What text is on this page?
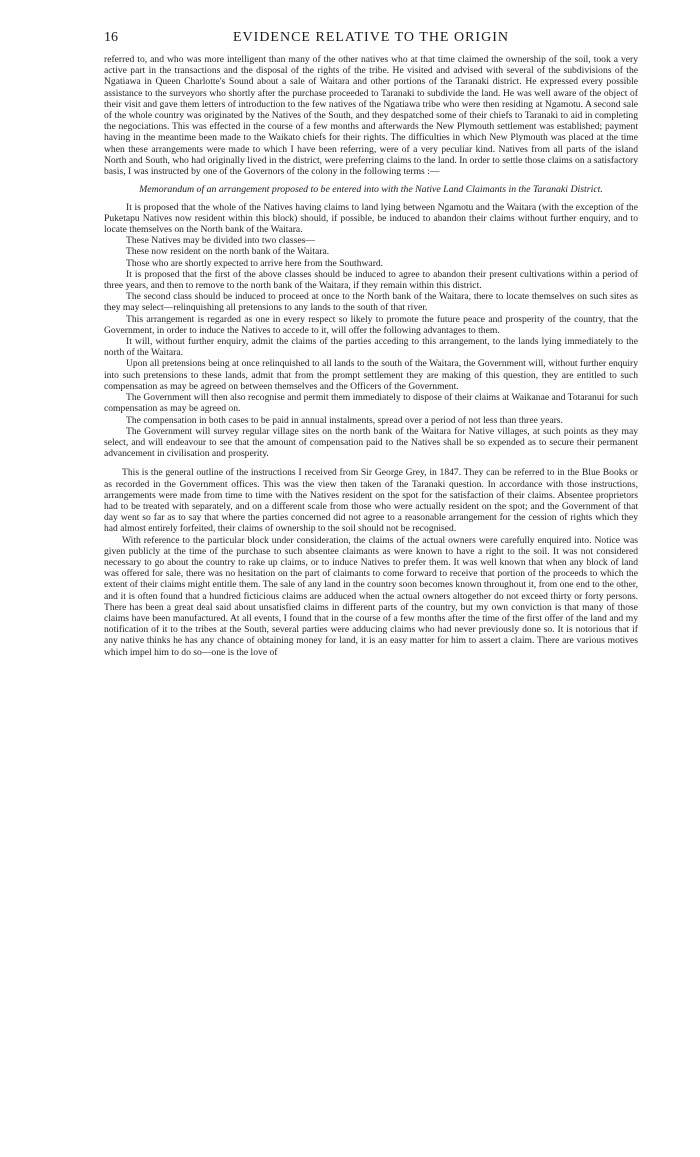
16	EVIDENCE RELATIVE TO THE ORIGIN

referred to, and who was more intelligent than many of the other natives who at that time claimed the ownership of the soil, took a very active part in the transactions and the disposal of the rights of the tribe. He visited and advised with several of the subdivisions of the Ngatiawa in Queen Charlotte's Sound about a sale of Waitara and other portions of the Taranaki district. He expressed every possible assistance to the surveyors who shortly after the purchase proceeded to Taranaki to subdivide the land. He was well aware of the object of their visit and gave them letters of introduction to the few natives of the Ngatiawa tribe who were then residing at Ngamotu. A second sale of the whole country was originated by the Natives of the South, and they despatched some of their chiefs to Taranaki to aid in completing the negociations. This was effected in the course of a few months and afterwards the New Plymouth settlement was established; payment having in the meantime been made to the Waikato chiefs for their rights. The difficulties in which New Plymouth was placed at the time when these arrangements were made to which I have been referring, were of a very peculiar kind. Natives from all parts of the island North and South, who had originally lived in the district, were preferring claims to the land. In order to settle those claims on a satisfactory basis, I was instructed by one of the Governors of the colony in the following terms :—

Memorandum of an arrangement proposed to be entered into with the Native Land Claimants in the Taranaki District.

It is proposed that the whole of the Natives having claims to land lying between Ngamotu and the Waitara (with the exception of the Puketapu Natives now resident within this block) should, if possible, be induced to abandon their claims without further enquiry, and to locate themselves on the North bank of the Waitara.

These Natives may be divided into two classes—

These now resident on the north bank of the Waitara.

Those who are shortly expected to arrive here from the Southward.

It is proposed that the first of the above classes should be induced to agree to abandon their present cultivations within a period of three years, and then to remove to the north bank of the Waitara, if they remain within this district.

The second class should be induced to proceed at once to the North bank of the Waitara, there to locate themselves on such sites as they may select—relinquishing all pretensions to any lands to the south of that river.

This arrangement is regarded as one in every respect so likely to promote the future peace and prosperity of the country, that the Government, in order to induce the Natives to accede to it, will offer the following advantages to them.

It will, without further enquiry, admit the claims of the parties acceding to this arrangement, to the lands lying immediately to the north of the Waitara.

Upon all pretensions being at once relinquished to all lands to the south of the Waitara, the Government will, without further enquiry into such pretensions to these lands, admit that from the prompt settlement they are making of this question, they are entitled to such compensation as may be agreed on between themselves and the Officers of the Government.

The Government will then also recognise and permit them immediately to dispose of their claims at Waikanae and Totaranui for such compensation as may be agreed on.

The compensation in both cases to be paid in annual instalments, spread over a period of not less than three years.

The Government will survey regular village sites on the north bank of the Waitara for Native villages, at such points as they may select, and will endeavour to see that the amount of compensation paid to the Natives shall be so expended as to secure their permanent advancement in civilisation and prosperity.

This is the general outline of the instructions I received from Sir George Grey, in 1847. They can be referred to in the Blue Books or as recorded in the Government offices. This was the view then taken of the Taranaki question. In accordance with those instructions, arrangements were made from time to time with the Natives resident on the spot for the satisfaction of their claims. Absentee proprietors had to be treated with separately, and on a different scale from those who were actually resident on the spot; and the Government of that day went so far as to say that where the parties concerned did not agree to a reasonable arrangement for the cession of rights which they had almost entirely forfeited, their claims of ownership to the soil should not be recognised.

With reference to the particular block under consideration, the claims of the actual owners were carefully enquired into. Notice was given publicly at the time of the purchase to such absentee claimants as were known to have a right to the soil. It was not considered necessary to go about the country to rake up claims, or to induce Natives to prefer them. It was well known that when any block of land was offered for sale, there was no hesitation on the part of claimants to come forward to receive that portion of the proceeds to which the extent of their claims might entitle them. The sale of any land in the country soon becomes known throughout it, from one end to the other, and it is often found that a hundred ficticious claims are adduced when the actual owners altogether do not exceed thirty or forty persons. There has been a great deal said about unsatisfied claims in different parts of the country, but my own conviction is that many of those claims have been manufactured. At all events, I found that in the course of a few months after the time of the first offer of the land and my notification of it to the tribes at the South, several parties were adducing claims who had never previously done so. It is notorious that if any native thinks he has any chance of obtaining money for land, it is an easy matter for him to assert a claim. There are various motives which impel him to do so—one is the love of
